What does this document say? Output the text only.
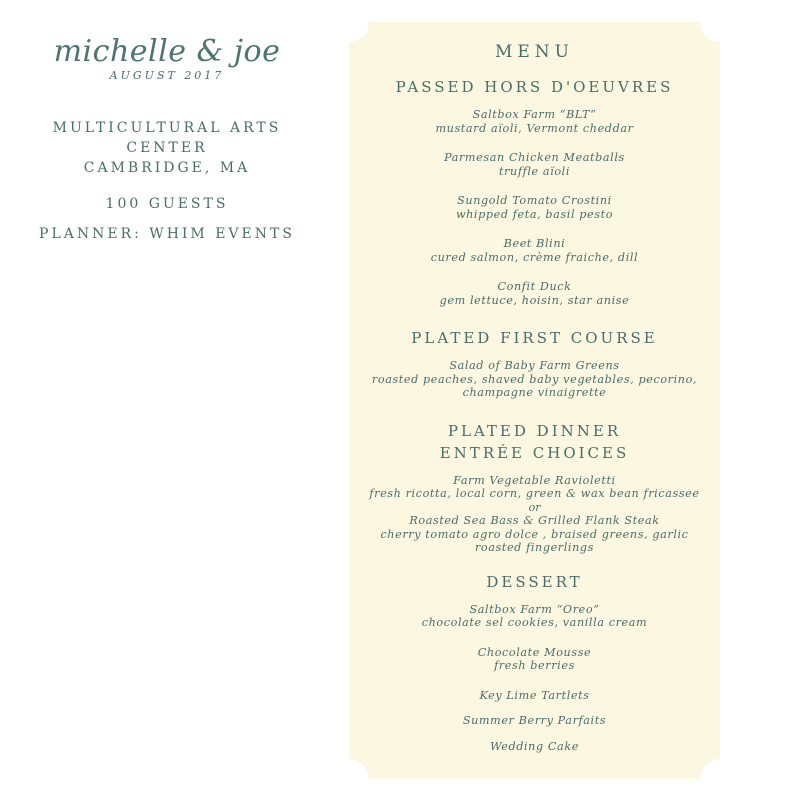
michelle & joe
AUGUST 2017
MULTICULTURAL ARTS
CENTER
CAMBRIDGE, MA
100 GUESTS
PLANNER: WHIM EVENTS
MENU
PASSED HORS D'OEUVRES
Saltbox Farm “BLT”
mustard aïoli, Vermont cheddar
Parmesan Chicken Meatballs
truffle aïoli
Sungold Tomato Crostini
whipped feta, basil pesto
Beet Blini
cured salmon, crème fraiche, dill
Confit Duck
gem lettuce, hoisin, star anise
PLATED FIRST COURSE
Salad of Baby Farm Greens
roasted peaches, shaved baby vegetables, pecorino,
champagne vinaigrette
PLATED DINNER
ENTRÉE CHOICES
Farm Vegetable Ravioletti
fresh ricotta, local corn, green & wax bean fricassee
or
Roasted Sea Bass & Grilled Flank Steak
cherry tomato agro dolce , braised greens, garlic
roasted fingerlings
DESSERT
Saltbox Farm “Oreo”
chocolate sel cookies, vanilla cream
Chocolate Mousse
fresh berries
Key Lime Tartlets
Summer Berry Parfaits
Wedding Cake
